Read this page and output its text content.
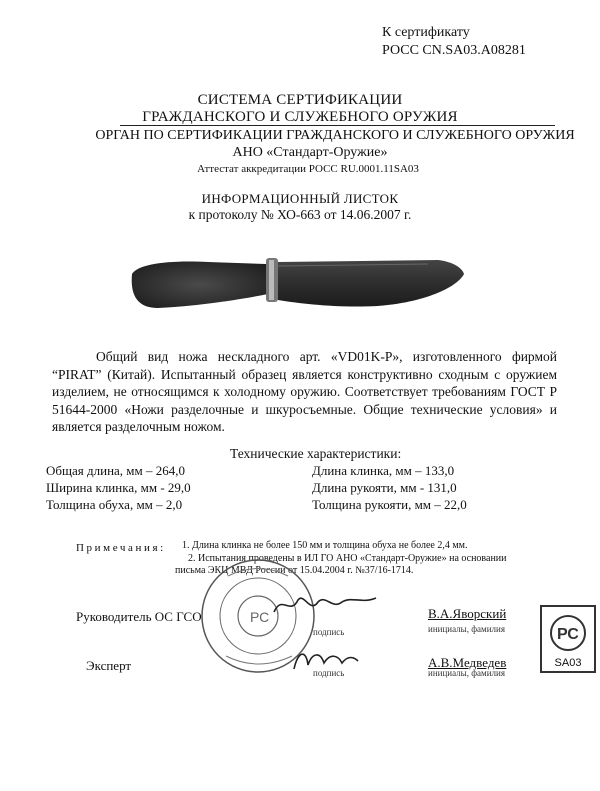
К сертификату
РОСС CN.SA03.А08281
СИСТЕМА СЕРТИФИКАЦИИ
ГРАЖДАНСКОГО И СЛУЖЕБНОГО ОРУЖИЯ
ОРГАН ПО СЕРТИФИКАЦИИ ГРАЖДАНСКОГО И СЛУЖЕБНОГО ОРУЖИЯ
АНО «Стандарт-Оружие»
Аттестат аккредитации РОСС RU.0001.11SA03
ИНФОРМАЦИОННЫЙ ЛИСТОК
к протоколу № ХО-663 от 14.06.2007 г.
Общий вид ножа нескладного арт. «VD01K-P», изготовленного фирмой “PIRAT” (Китай). Испытанный образец является конструктивно сходным с оружием изделием, не относящимся к холодному оружию. Соответствует требованиям ГОСТ Р 51644-2000 «Ножи разделочные и шкуросъемные. Общие технические условия» и является разделочным ножом.
Технические характеристики:
Общая длина, мм – 264,0
Ширина клинка, мм - 29,0
Толщина обуха, мм – 2,0
Длина клинка, мм – 133,0
Длина рукояти, мм - 131,0
Толщина рукояти, мм – 22,0
Примечания: 1. Длина клинка не более 150 мм и толщина обуха не более 2,4 мм.
2. Испытания проведены в ИЛ ГО АНО «Стандарт-Оружие» на основании
письма ЭКЦ МВД России от 15.04.2004 г. №37/16-1714.
РС
Руководитель ОС ГСО
подпись
В.А.Яворский
инициалы, фамилия
Эксперт	подпись
А.В.Медведев
инициалы, фамилия
РС
SA03
